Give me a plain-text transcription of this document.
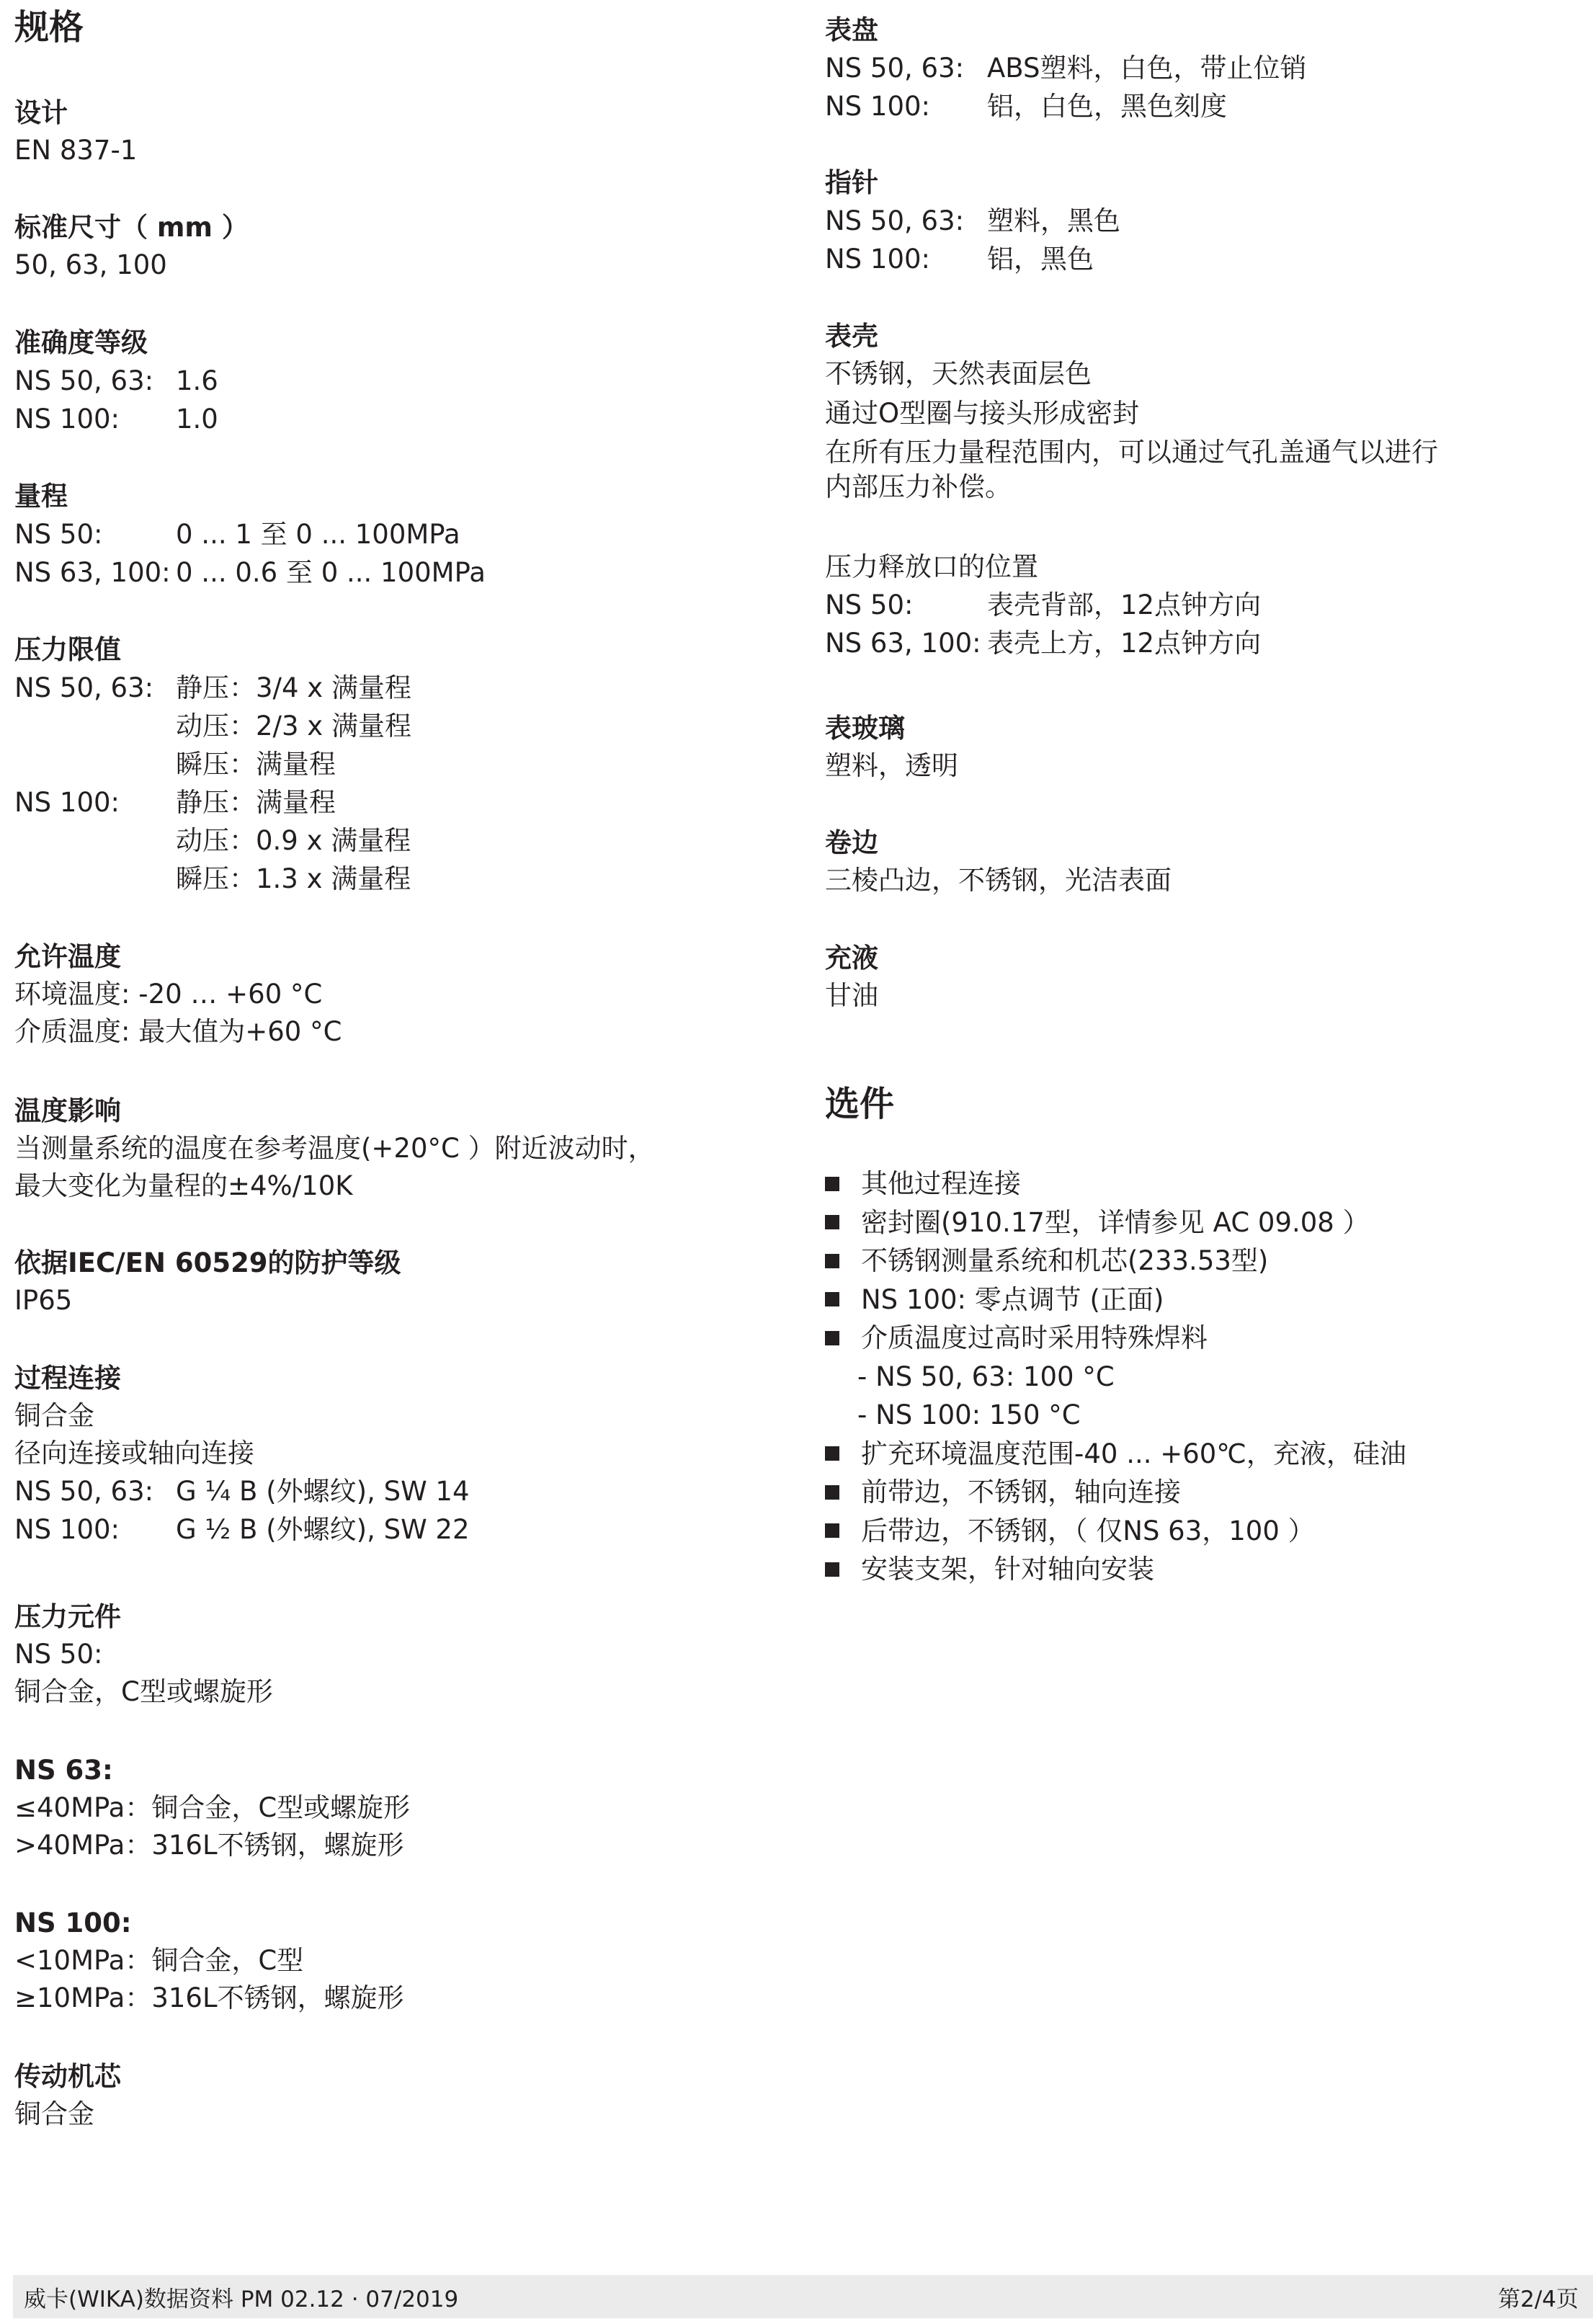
规格

设计

EN 837-1

标准尺寸（ mm ）

50, 63, 100

准确度等级

NS 50, 63: 1.6
NS 100:	1.0

量程

NS 50:	0 ... 1 至 0 ... 100MPa
NS 63, 100: 0 ... 0.6 至 0 ... 100MPa

压力限值

NS 50, 63: 静压：3/4 x 满量程
动压：2/3 x 满量程
瞬压：满量程
NS 100:	静压：满量程
动压：0.9 x 满量程
瞬压：1.3 x 满量程

允许温度

环境温度: -20 … +60 °C

介质温度: 最大值为+60 °C

温度影响

当测量系统的温度在参考温度(+20°C ）附近波动时，

最大变化为量程的±4%/10K

依据IEC/EN 60529的防护等级

IP65

过程连接

铜合金

径向连接或轴向连接

NS 50, 63: G ¼ B (外螺纹), SW 14
NS 100:	G ½ B (外螺纹), SW 22

压力元件

NS 50:

铜合金，C型或螺旋形

NS 63:

≤40MPa：铜合金，C型或螺旋形

>40MPa：316L不锈钢，螺旋形

NS 100:

<10MPa：铜合金，C型

≥10MPa：316L不锈钢，螺旋形

传动机芯

铜合金

表盘

NS 50, 63: ABS塑料，白色，带止位销
NS 100:	铝，白色，黑色刻度

指针

NS 50, 63: 塑料，黑色
NS 100:	铝，黑色

表壳

不锈钢，天然表面层色

通过O型圈与接头形成密封

在所有压力量程范围内，可以通过气孔盖通气以进行

内部压力补偿。

压力释放口的位置

NS 50:	表壳背部，12点钟方向
NS 63, 100: 表壳上方，12点钟方向

表玻璃

塑料，透明

卷边

三棱凸边，不锈钢，光洁表面

充液

甘油

选件
其他过程连接
密封圈(910.17型，详情参见 AC 09.08 ）
不锈钢测量系统和机芯(233.53型)
NS 100: 零点调节 (正面)
介质温度过高时采用特殊焊料
- NS 50, 63: 100 °C
- NS 100: 150 °C
扩充环境温度范围-40 ... +60℃，充液，硅油
前带边，不锈钢，轴向连接
后带边，不锈钢，（ 仅NS 63，100 ）
安装支架，针对轴向安装
威卡(WIKA)数据资料 PM 02.12 · 07/2019	第2/4页
